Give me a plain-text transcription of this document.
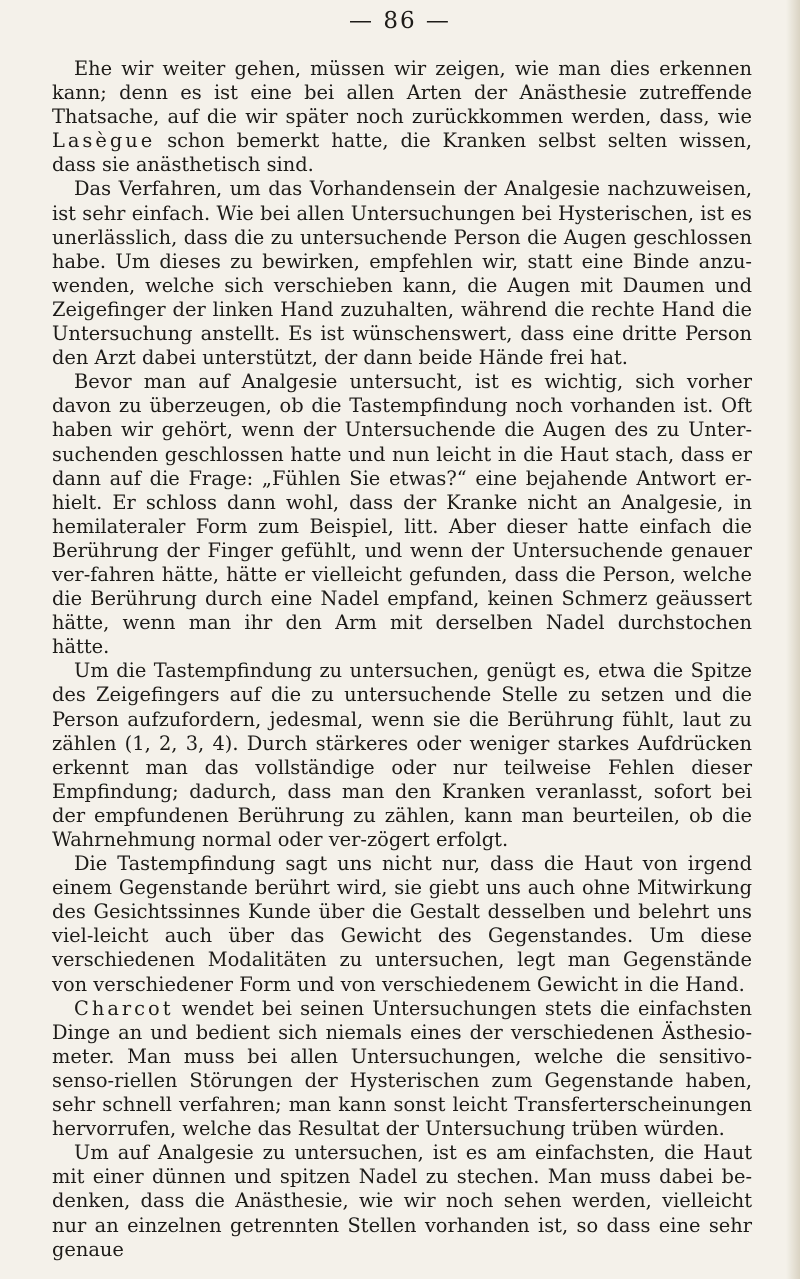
— 86 —

Ehe wir weiter gehen, müssen wir zeigen, wie man dies erkennen kann; denn es ist eine bei allen Arten der Anästhesie zutreffende Thatsache, auf die wir später noch zurückkommen werden, dass, wie Lasègue schon bemerkt hatte, die Kranken selbst selten wissen, dass sie anästhetisch sind.

Das Verfahren, um das Vorhandensein der Analgesie nachzuweisen, ist sehr einfach. Wie bei allen Untersuchungen bei Hysterischen, ist es unerlässlich, dass die zu untersuchende Person die Augen geschlossen habe. Um dieses zu bewirken, empfehlen wir, statt eine Binde anzu-wenden, welche sich verschieben kann, die Augen mit Daumen und Zeigefinger der linken Hand zuzuhalten, während die rechte Hand die Untersuchung anstellt. Es ist wünschenswert, dass eine dritte Person den Arzt dabei unterstützt, der dann beide Hände frei hat.

Bevor man auf Analgesie untersucht, ist es wichtig, sich vorher davon zu überzeugen, ob die Tastempfindung noch vorhanden ist. Oft haben wir gehört, wenn der Untersuchende die Augen des zu Unter-suchenden geschlossen hatte und nun leicht in die Haut stach, dass er dann auf die Frage: „Fühlen Sie etwas?“ eine bejahende Antwort er-hielt. Er schloss dann wohl, dass der Kranke nicht an Analgesie, in hemilateraler Form zum Beispiel, litt. Aber dieser hatte einfach die Berührung der Finger gefühlt, und wenn der Untersuchende genauer ver-fahren hätte, hätte er vielleicht gefunden, dass die Person, welche die Berührung durch eine Nadel empfand, keinen Schmerz geäussert hätte, wenn man ihr den Arm mit derselben Nadel durchstochen hätte.

Um die Tastempfindung zu untersuchen, genügt es, etwa die Spitze des Zeigefingers auf die zu untersuchende Stelle zu setzen und die Person aufzufordern, jedesmal, wenn sie die Berührung fühlt, laut zu zählen (1, 2, 3, 4). Durch stärkeres oder weniger starkes Aufdrücken erkennt man das vollständige oder nur teilweise Fehlen dieser Empfindung; dadurch, dass man den Kranken veranlasst, sofort bei der empfundenen Berührung zu zählen, kann man beurteilen, ob die Wahrnehmung normal oder ver-zögert erfolgt.

Die Tastempfindung sagt uns nicht nur, dass die Haut von irgend einem Gegenstande berührt wird, sie giebt uns auch ohne Mitwirkung des Gesichtssinnes Kunde über die Gestalt desselben und belehrt uns viel-leicht auch über das Gewicht des Gegenstandes. Um diese verschiedenen Modalitäten zu untersuchen, legt man Gegenstände von verschiedener Form und von verschiedenem Gewicht in die Hand.

Charcot wendet bei seinen Untersuchungen stets die einfachsten Dinge an und bedient sich niemals eines der verschiedenen Ästhesio-meter. Man muss bei allen Untersuchungen, welche die sensitivo-senso-riellen Störungen der Hysterischen zum Gegenstande haben, sehr schnell verfahren; man kann sonst leicht Transferterscheinungen hervorrufen, welche das Resultat der Untersuchung trüben würden.

Um auf Analgesie zu untersuchen, ist es am einfachsten, die Haut mit einer dünnen und spitzen Nadel zu stechen. Man muss dabei be-denken, dass die Anästhesie, wie wir noch sehen werden, vielleicht nur an einzelnen getrennten Stellen vorhanden ist, so dass eine sehr genaue
